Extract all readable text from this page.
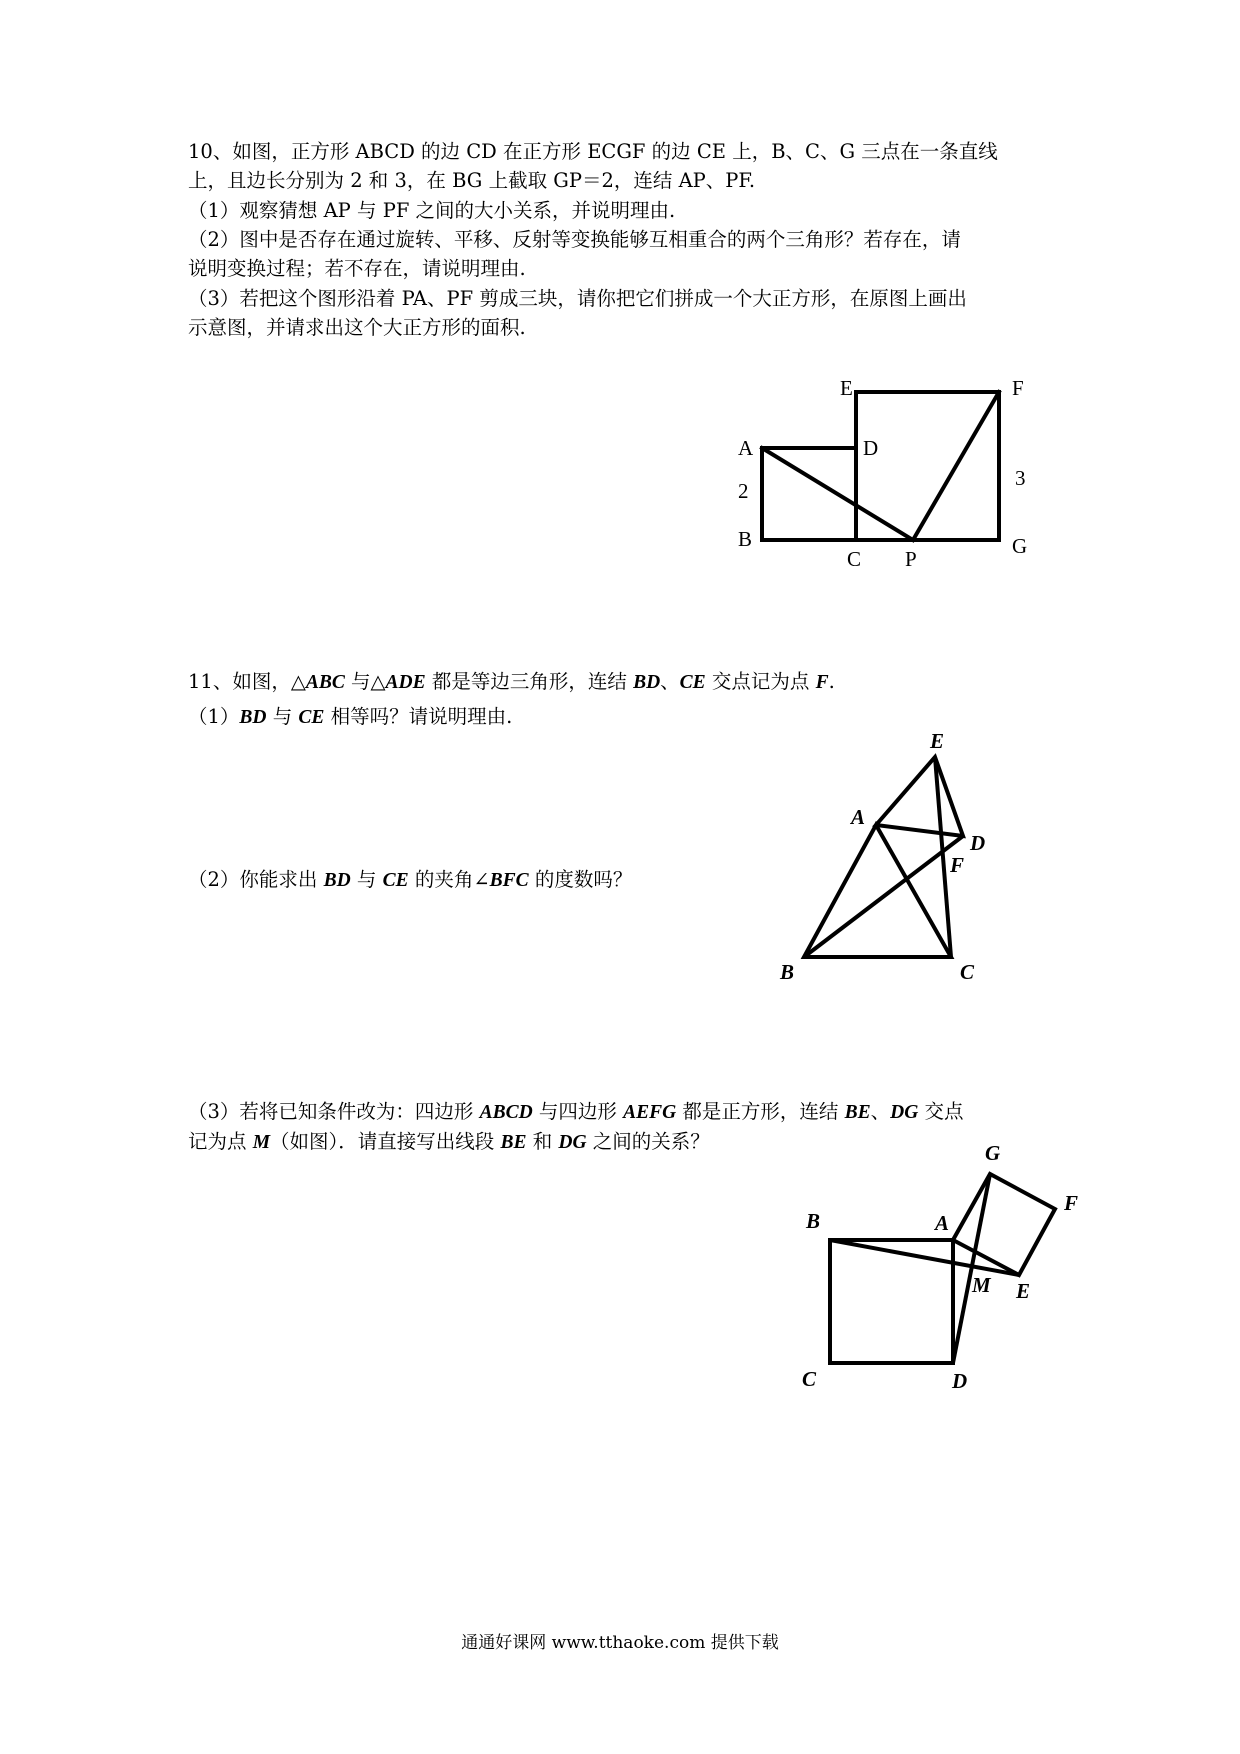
10、如图，正方形 ABCD 的边 CD 在正方形 ECGF 的边 CE 上，B、C、G 三点在一条直线
上，且边长分别为 2 和 3，在 BG 上截取 GP＝2，连结 AP、PF.
（1）观察猜想 AP 与 PF 之间的大小关系，并说明理由.
（2）图中是否存在通过旋转、平移、反射等变换能够互相重合的两个三角形？若存在，请
说明变换过程；若不存在，请说明理由.
（3）若把这个图形沿着 PA、PF 剪成三块，请你把它们拼成一个大正方形，在原图上画出
示意图，并请求出这个大正方形的面积.
E	F
A	D
2
3
B
C P
G
11、如图，△ABC 与△ADE 都是等边三角形，连结 BD、CE 交点记为点 F.
（1）BD 与 CE 相等吗？请说明理由.
（2）你能求出 BD 与 CE 的夹角∠BFC 的度数吗？
（3）若将已知条件改为：四边形 ABCD 与四边形 AEFG 都是正方形，连结 BE、DG 交点
记为点 M（如图）．请直接写出线段 BE 和 DG 之间的关系？
E
A
D
F
B	C
G
F
A
B
M E
C	D
通通好课网 www.tthaoke.com 提供下载
